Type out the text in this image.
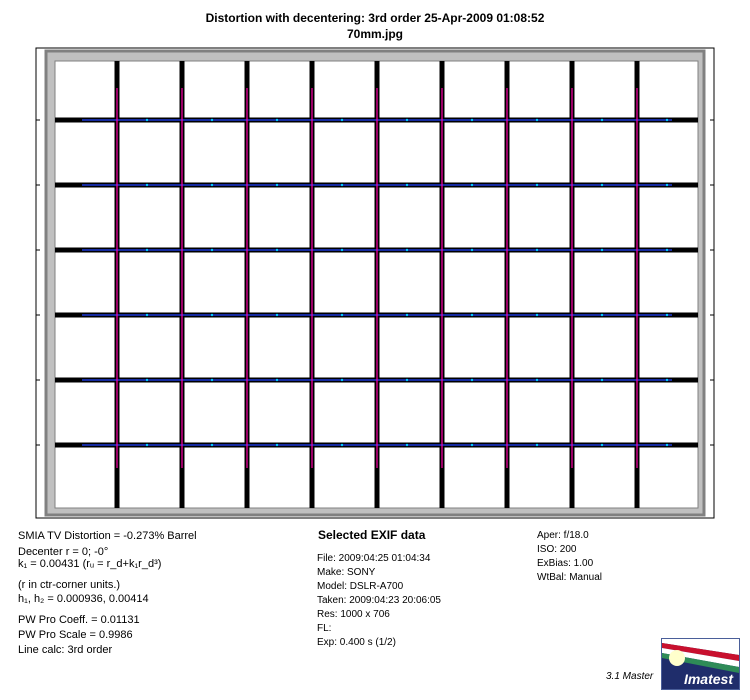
Distortion with decentering: 3rd order 25-Apr-2009 01:08:52
70mm.jpg
SMIA TV Distortion = -0.273% Barrel
Decenter r = 0; -0°
k₁ = 0.00431 (rᵤ = r_d+k₁r_d³)
(r in ctr-corner units.)
h₁, h₂ = 0.000936, 0.00414
PW Pro Coeff. = 0.01131
PW Pro Scale = 0.9986
Line calc: 3rd order
Selected EXIF data
File: 2009:04:25 01:04:34
Make: SONY
Model: DSLR-A700
Taken: 2009:04:23 20:06:05
Res: 1000 x 706
FL:
Exp: 0.400 s (1/2)
Aper: f/18.0
ISO: 200
ExBias: 1.00
WtBal: Manual
3.1 Master Imatest
